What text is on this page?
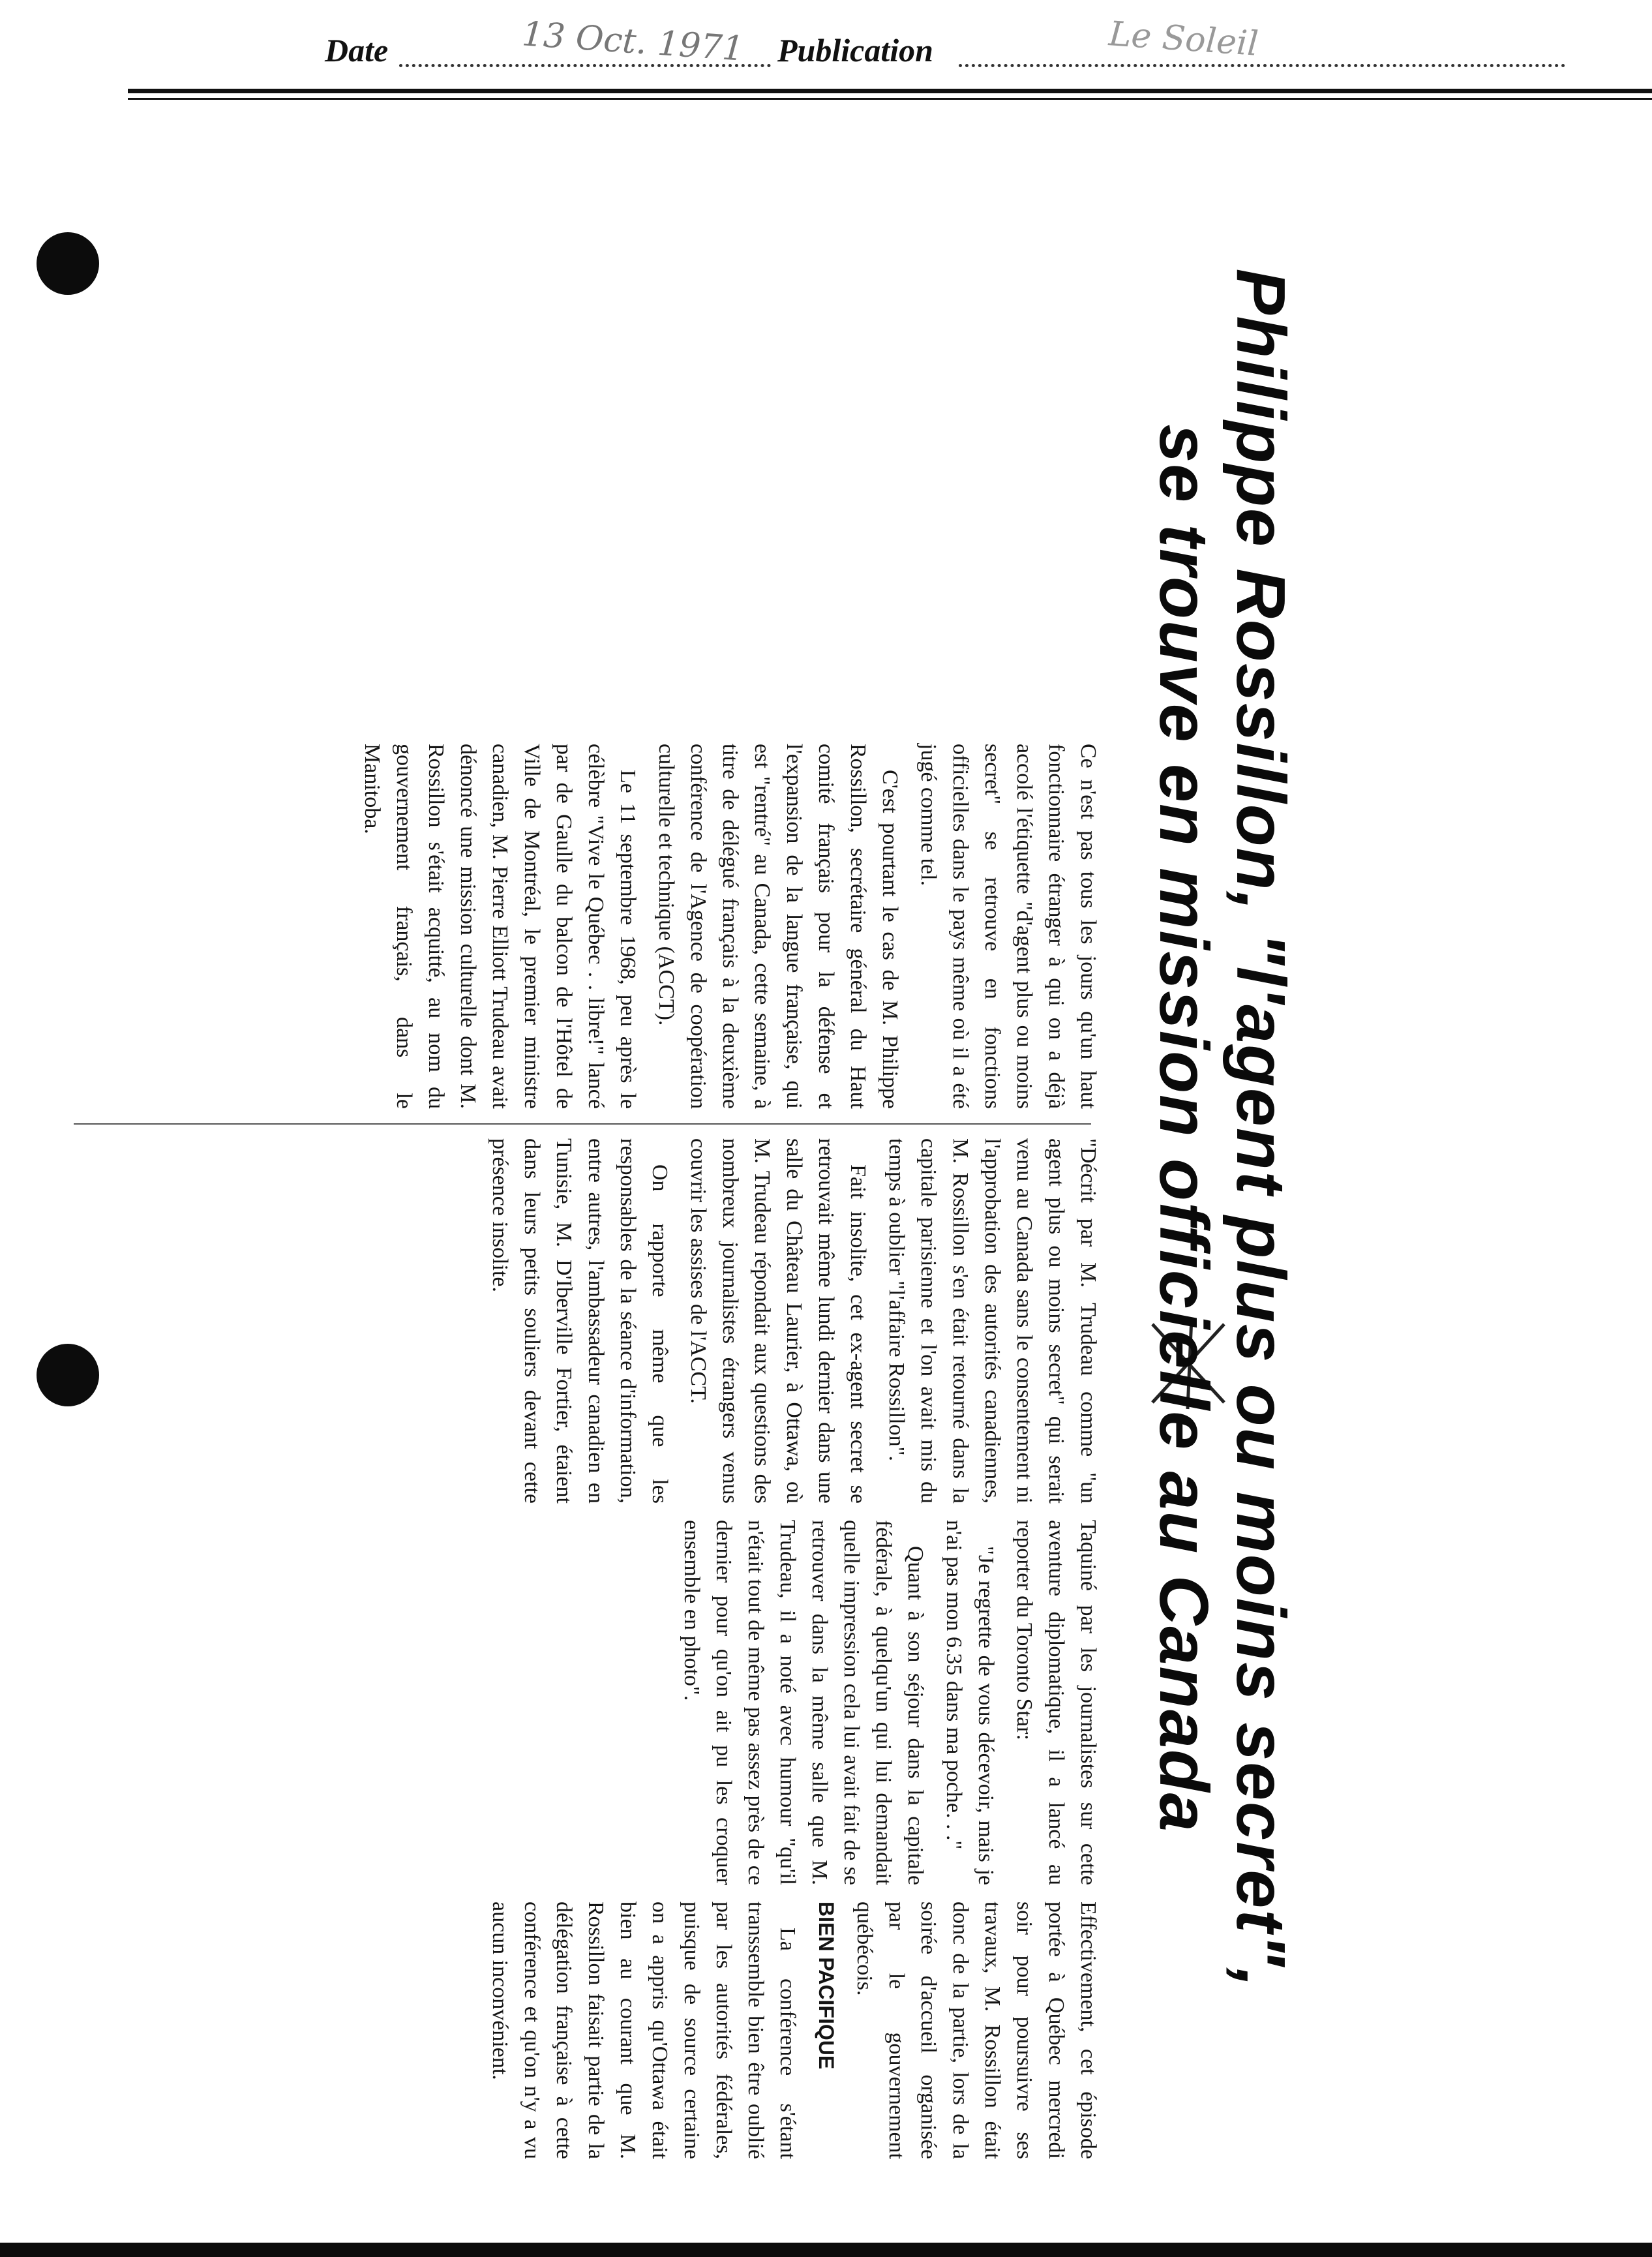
Date	13 Oct. 1971 Publication	Le Soleil
Philippe Rossillon, "l'agent plus ou moins secret",
se trouve en mission officielle au Canada

Ce n'est pas tous les jours qu'un haut fonctionnaire étranger à qui on a déjà accolé l'étiquette "d'agent plus ou moins secret" se retrouve en fonctions officielles dans le pays même où il a été jugé comme tel.

C'est pourtant le cas de M. Philippe Rossillon, secrétaire général du Haut comité français pour la défense et l'expansion de la langue française, qui est "rentré" au Canada, cette semaine, à titre de délégué français à la deuxième conférence de l'Agence de coopération culturelle et technique (ACCT).

Le 11 septembre 1968, peu après le célèbre "Vive le Québec . . libre!" lancé par de Gaulle du balcon de l'Hôtel de Ville de Montréal, le premier ministre canadien, M. Pierre Elliott Trudeau avait dénoncé une mission culturelle dont M. Rossillon s'était acquitté, au nom du gouvernement français, dans le Manitoba.

"Décrit par M. Trudeau comme "un agent plus ou moins secret" qui serait venu au Canada sans le consentement ni l'approbation des autorités canadiennes, M. Rossillon s'en était retourné dans la capitale parisienne et l'on avait mis du temps à oublier "l'affaire Rossillon".

Fait insolite, cet ex-agent secret se retrouvait même lundi dernier dans une salle du Château Laurier, à Ottawa, où M. Trudeau répondait aux questions des nombreux journalistes étrangers venus couvrir les assises de l'ACCT.

On rapporte même que les responsables de la séance d'information, entre autres, l'ambassadeur canadien en Tunisie, M. D'Iberville Fortier, étaient dans leurs petits souliers devant cette présence insolite.

Taquiné par les journalistes sur cette aventure diplomatique, il a lancé au reporter du Toronto Star:

"Je regrette de vous décevoir, mais je n'ai pas mon 6.35 dans ma poche. . ."

Quant à son séjour dans la capitale fédérale, à quelqu'un qui lui demandait quelle impression cela lui avait fait de se retrouver dans la même salle que M. Trudeau, il a noté avec humour "qu'il n'était tout de même pas assez près de ce dernier pour qu'on ait pu les croquer ensemble en photo".

Effectivement, cet épisode portée à Québec mercredi soir pour poursuivre ses travaux, M. Rossillon était donc de la partie, lors de la soirée d'accueil organisée par le gouvernement québécois.

BIEN PACIFIQUE

La conférence s'étant transsemble bien être oublié par les autorités fédérales, puisque de source certaine on a appris qu'Ottawa était bien au courant que M. Rossillon faisait partie de la délégation française à cette conférence et qu'on n'y a vu aucun inconvénient.
